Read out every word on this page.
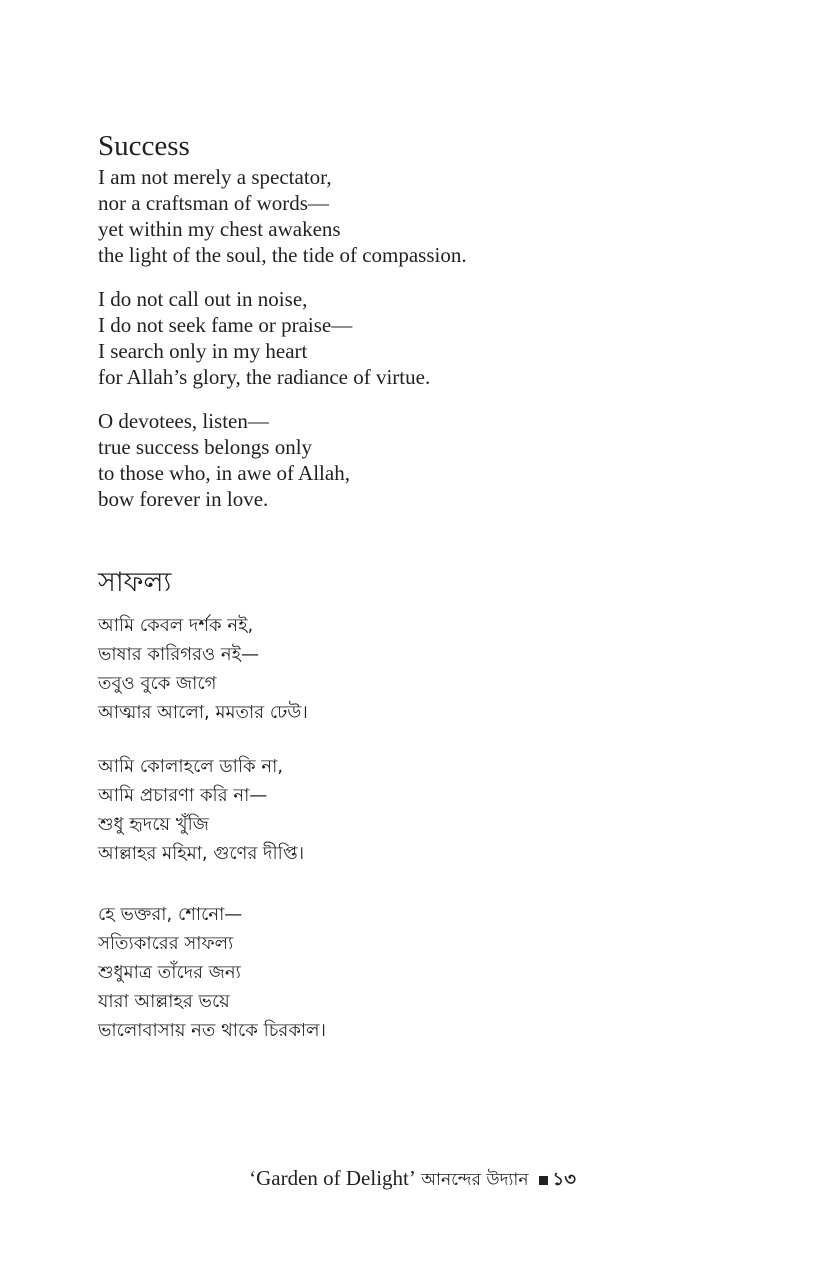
Success

I am not merely a spectator,
nor a craftsman of words—
yet within my chest awakens
the light of the soul, the tide of compassion.

I do not call out in noise,
I do not seek fame or praise—
I search only in my heart
for Allah’s glory, the radiance of virtue.

O devotees, listen—
true success belongs only
to those who, in awe of Allah,
bow forever in love.

সাফল্য

আমি কেবল দর্শক নই,
ভাষার কারিগরও নই—
তবুও বুকে জাগে
আত্মার আলো, মমতার ঢেউ।

আমি কোলাহলে ডাকি না,
আমি প্রচারণা করি না—
শুধু হৃদয়ে খুঁজি
আল্লাহর মহিমা, গুণের দীপ্তি।

হে ভক্তরা, শোনো—
সত্যিকারের সাফল্য
শুধুমাত্র তাঁদের জন্য
যারা আল্লাহর ভয়ে
ভালোবাসায় নত থাকে চিরকাল।

‘Garden of Delight’ আনন্দের উদ্যান ১৩
